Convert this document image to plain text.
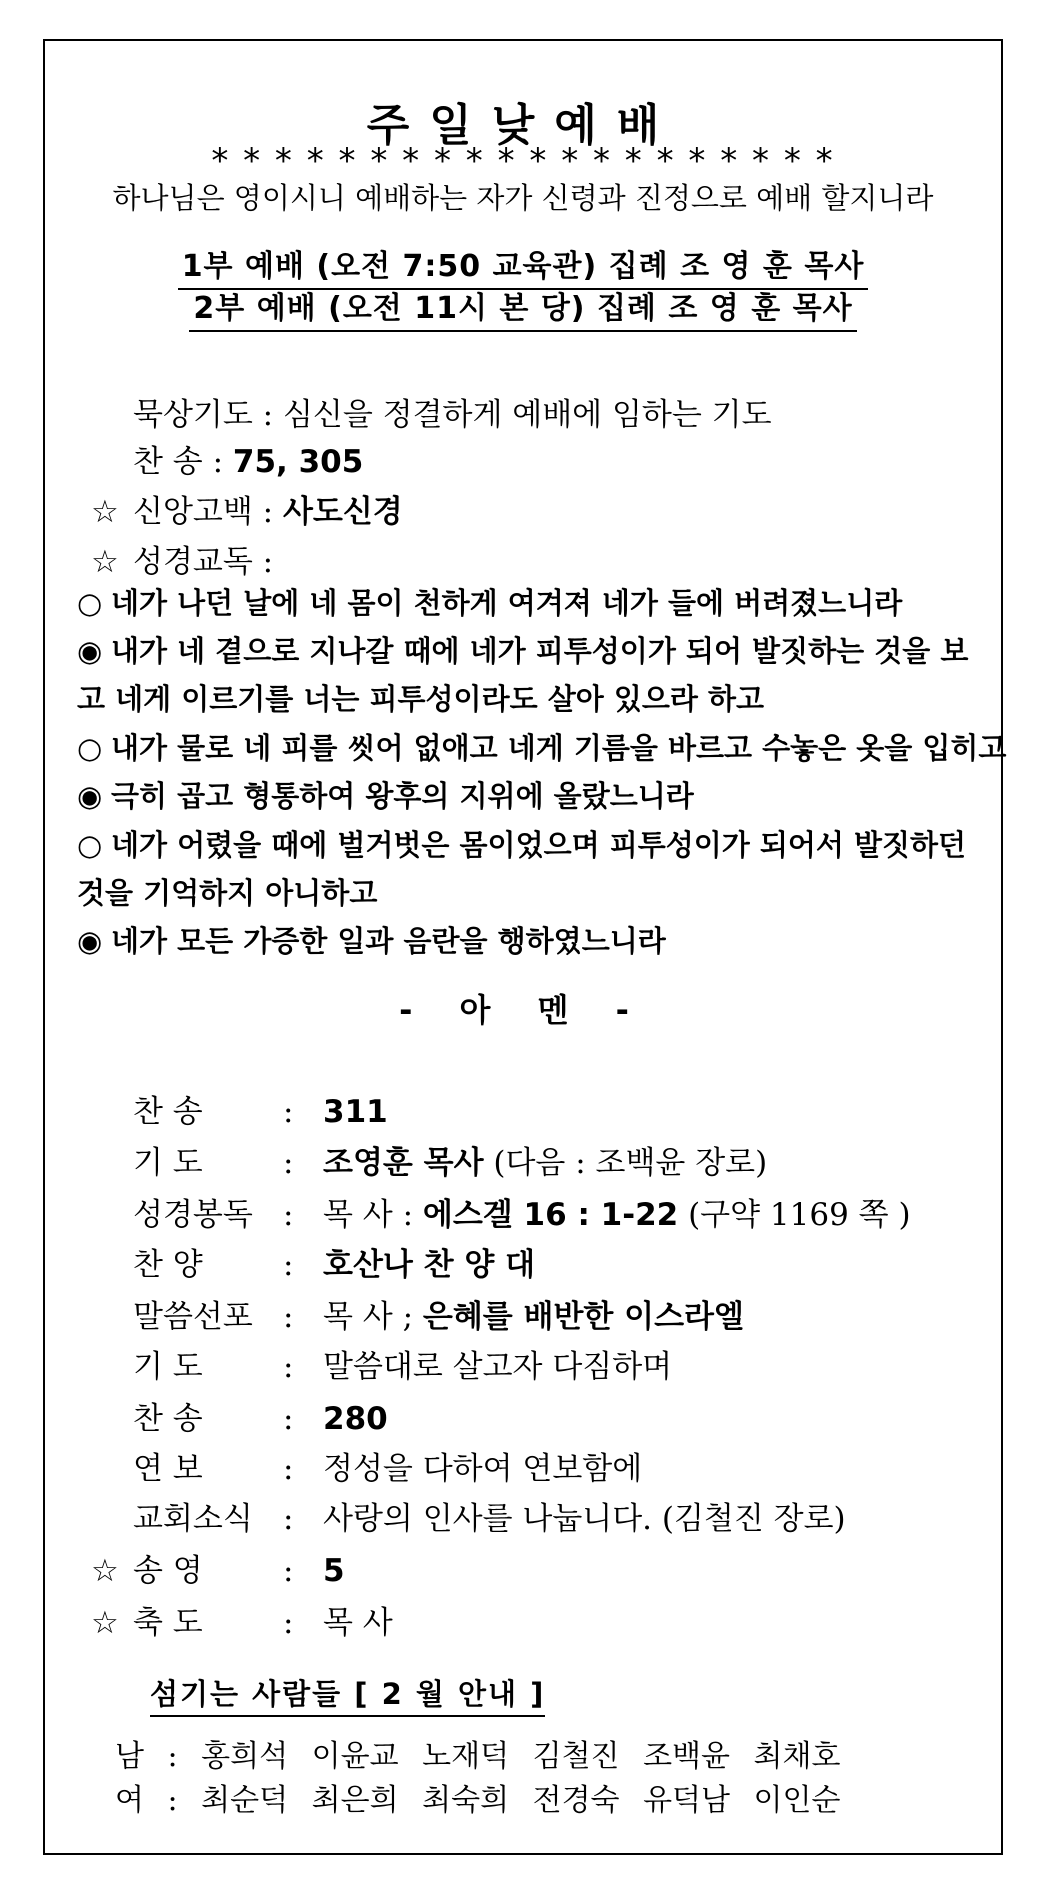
주일낮예배
* * * * * * * * * * * * * * * * * * * *
하나님은 영이시니 예배하는 자가 신령과 진정으로 예배 할지니라
1부 예배 (오전 7:50 교육관) 집례 조 영 훈 목사
2부 예배 (오전 11시 본 당) 집례 조 영 훈 목사
묵상기도 : 심신을 정결하게 예배에 임하는 기도
찬 송 : 75, 305
☆ 신앙고백 : 사도신경
☆ 성경교독 :
○ 네가 나던 날에 네 몸이 천하게 여겨져 네가 들에 버려졌느니라
◉ 내가 네 곁으로 지나갈 때에 네가 피투성이가 되어 발짓하는 것을 보
고 네게 이르기를 너는 피투성이라도 살아 있으라 하고
○ 내가 물로 네 피를 씻어 없애고 네게 기름을 바르고 수놓은 옷을 입히고
◉ 극히 곱고 형통하여 왕후의 지위에 올랐느니라
○ 네가 어렸을 때에 벌거벗은 몸이었으며 피투성이가 되어서 발짓하던
것을 기억하지 아니하고
◉ 네가 모든 가증한 일과 음란을 행하였느니라
- 아 멘 -
찬 송	:311
기 도	:조영훈 목사 (다음 : 조백윤 장로)
성경봉독 :목 사 : 에스겔 16 : 1-22 (구약 1169 쪽 )
찬 양	:호산나 찬 양 대
말씀선포 :목 사 ; 은혜를 배반한 이스라엘
기 도	:말씀대로 살고자 다짐하며
찬 송	:280
연 보	:정성을 다하여 연보함에
교회소식 :사랑의 인사를 나눕니다. (김철진 장로)
☆ 송 영	:5
☆ 축 도	:목 사
섬기는 사람들 [ 2 월 안내 ]
남 : 홍희석 이윤교 노재덕 김철진 조백윤 최채호
여 : 최순덕 최은희 최숙희 전경숙 유덕남 이인순
